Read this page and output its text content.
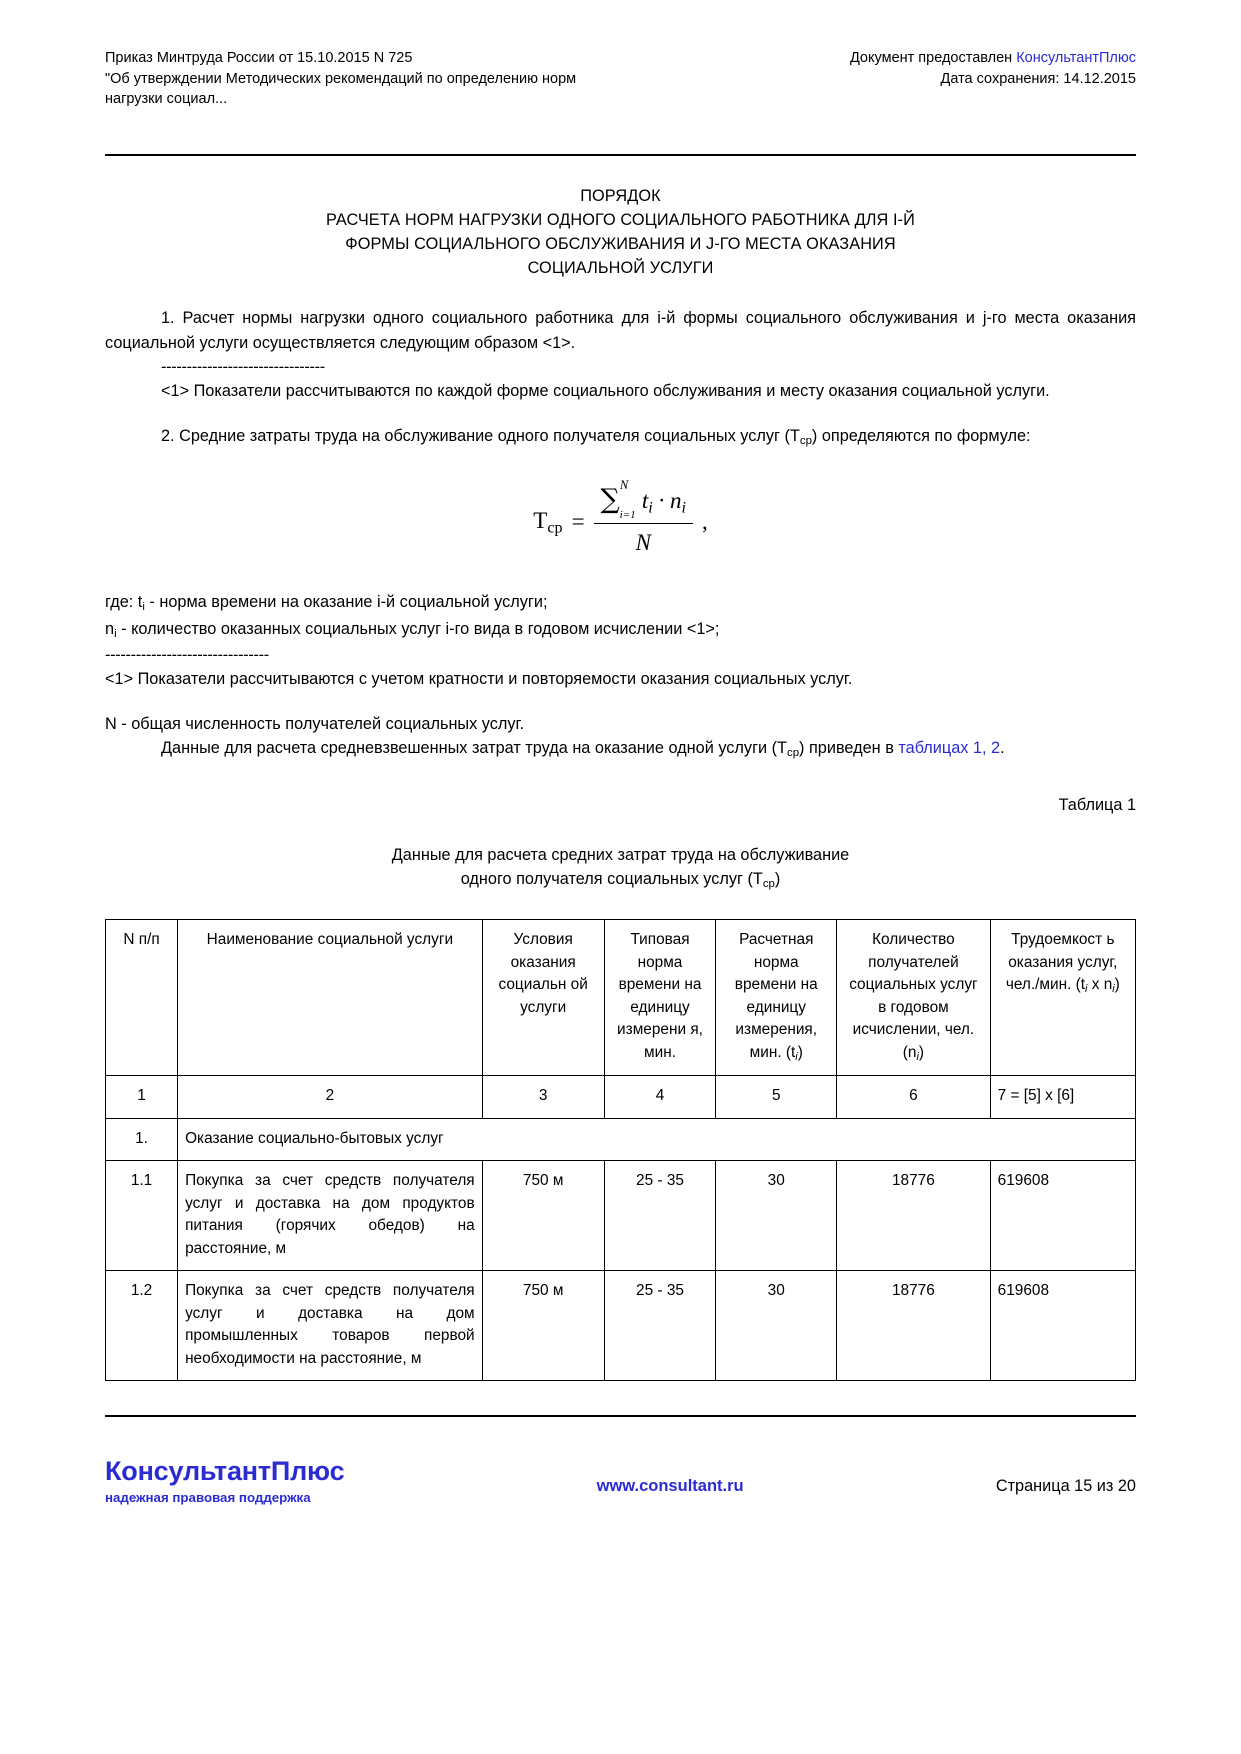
Приказ Минтруда России от 15.10.2015 N 725
"Об утверждении Методических рекомендаций по определению норм
нагрузки социал...
Документ предоставлен КонсультантПлюс
Дата сохранения: 14.12.2015
ПОРЯДОК
РАСЧЕТА НОРМ НАГРУЗКИ ОДНОГО СОЦИАЛЬНОГО РАБОТНИКА ДЛЯ I-Й
ФОРМЫ СОЦИАЛЬНОГО ОБСЛУЖИВАНИЯ И J-ГО МЕСТА ОКАЗАНИЯ
СОЦИАЛЬНОЙ УСЛУГИ

1. Расчет нормы нагрузки одного социального работника для i-й формы социального обслуживания и j-го места оказания социальной услуги осуществляется следующим образом <1>.

--------------------------------

<1> Показатели рассчитываются по каждой форме социального обслуживания и месту оказания социальной услуги.

2. Средние затраты труда на обслуживание одного получателя социальных услуг $(Т_{ср})$ определяются по формуле:

$Т_{ср}$ = ∑ N
i=1
$t_i \cdot n_i$
N ,

где: $t_i$ - норма времени на оказание i-й социальной услуги;

$n_i$ - количество оказанных социальных услуг i-го вида в годовом исчислении <1>;

--------------------------------

<1> Показатели рассчитываются с учетом кратности и повторяемости оказания социальных услуг.

N - общая численность получателей социальных услуг.

Данные для расчета средневзвешенных затрат труда на оказание одной услуги $(Т_{ср})$ приведен в таблицах 1, 2.

Таблица 1
Данные для расчета средних затрат труда на обслуживание
одного получателя социальных услуг $(Т_{ср})$
N п/п	Наименование социальной услуги	Условия оказания социальн ой услуги	Типовая норма времени на единицу измерени я, мин.	Расчетная норма времени на единицу измерения, мин. $(t_i)$	Количество получателей социальных услуг в годовом исчислении, чел. $(n_i)$	Трудоемкост ь оказания услуг, чел./мин. ($t_i$ x $n_i$)
1	2	3	4	5	6	7 = [5] x [6]
1.	Оказание социально-бытовых услуг					
1.1	Покупка за счет средств получателя услуг и доставка на дом продуктов питания (горячих обедов) на расстояние, м	750 м	25 - 35	30	18776	619608
1.2	Покупка за счет средств получателя услуг и доставка на дом промышленных товаров первой необходимости на расстояние, м	750 м	25 - 35	30	18776	619608
КонсультантПлюс
надежная правовая поддержка
www.consultant.ru	Страница 15 из 20
